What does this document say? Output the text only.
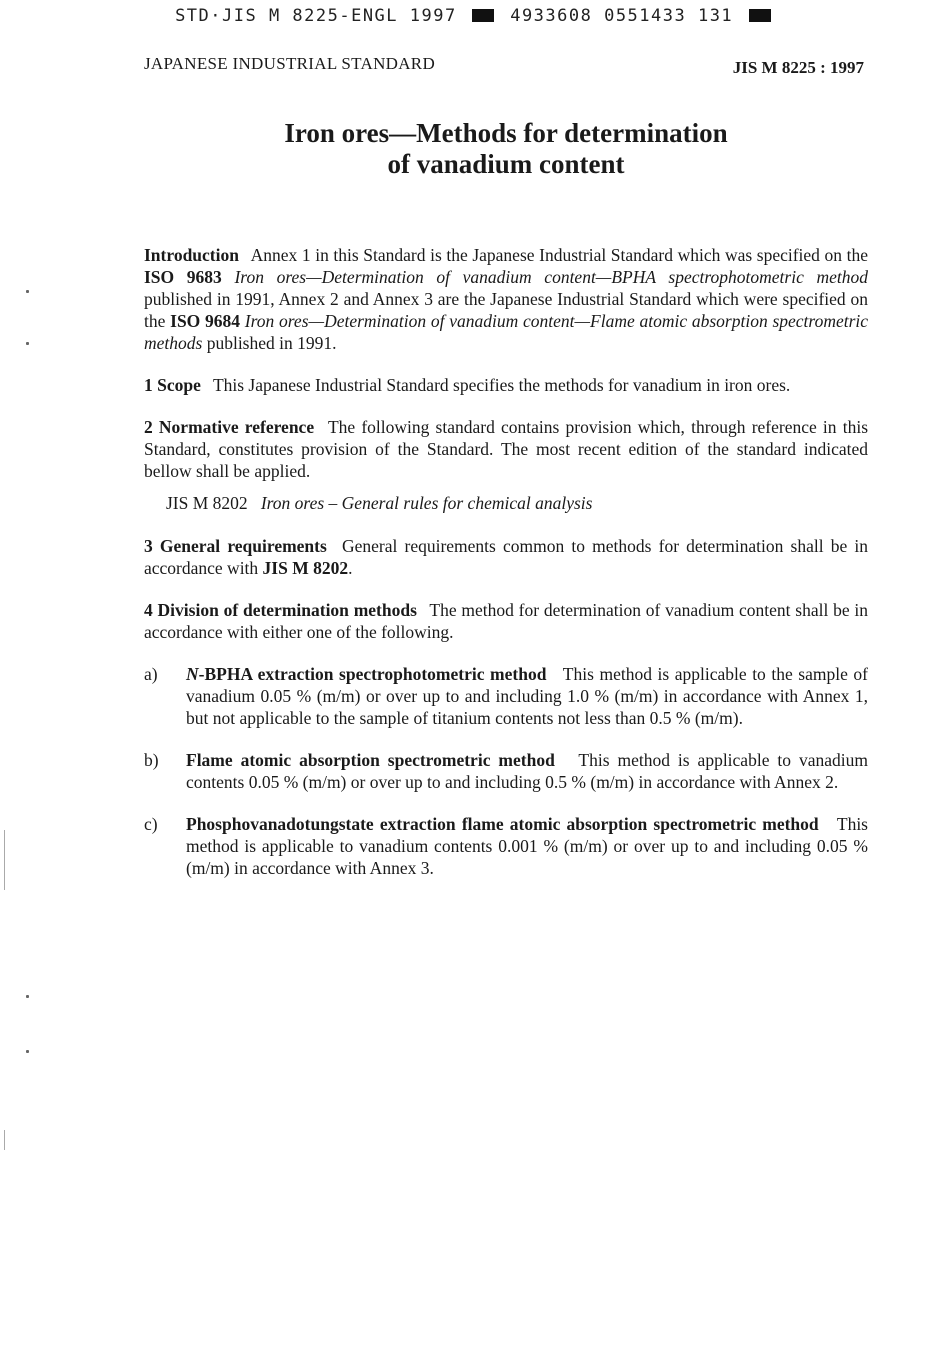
STD·JIS M 8225-ENGL 1997	4933608 0551433 131
JAPANESE INDUSTRIAL STANDARD	JIS M 8225 : 1997
Iron ores—Methods for determination
of vanadium content

Introduction Annex 1 in this Standard is the Japanese Industrial Standard which was specified on the ISO 9683 Iron ores—Determination of vanadium content—BPHA spectrophotometric method published in 1991, Annex 2 and Annex 3 are the Japanese Industrial Standard which were specified on the ISO 9684 Iron ores—Determination of vanadium content—Flame atomic absorption spectrometric methods published in 1991.

1 Scope This Japanese Industrial Standard specifies the methods for vanadium in iron ores.

2 Normative reference The following standard contains provision which, through reference in this Standard, constitutes provision of the Standard. The most recent edition of the standard indicated bellow shall be applied.

JIS M 8202 Iron ores – General rules for chemical analysis

3 General requirements General requirements common to methods for determination shall be in accordance with JIS M 8202.

4 Division of determination methods The method for determination of vanadium content shall be in accordance with either one of the following.

a)	N-BPHA extraction spectrophotometric method This method is applicable to the sample of vanadium 0.05 % (m/m) or over up to and including 1.0 % (m/m) in accordance with Annex 1, but not applicable to the sample of titanium contents not less than 0.5 % (m/m).
b)	Flame atomic absorption spectrometric method This method is applicable to vanadium contents 0.05 % (m/m) or over up to and including 0.5 % (m/m) in accordance with Annex 2.
c)	Phosphovanadotungstate extraction flame atomic absorption spectrometric method This method is applicable to vanadium contents 0.001 % (m/m) or over up to and including 0.05 % (m/m) in accordance with Annex 3.
